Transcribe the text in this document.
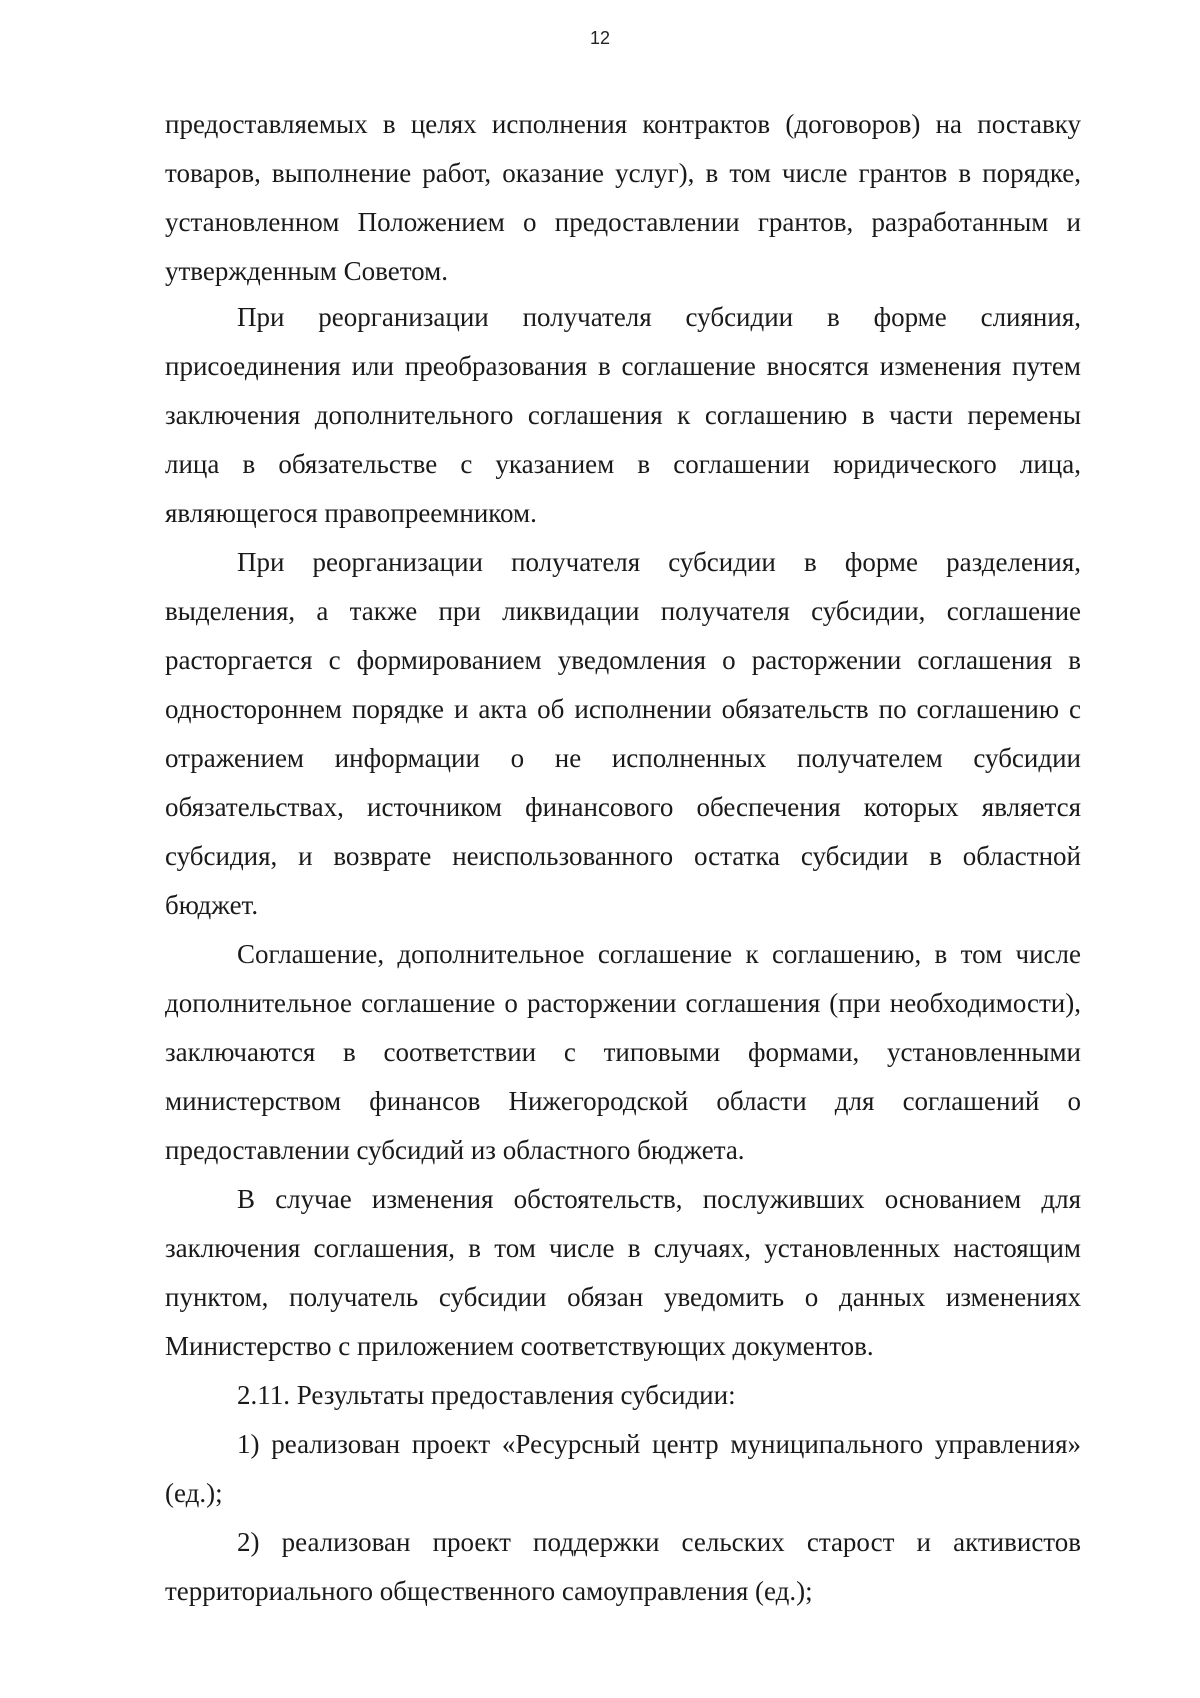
12

предоставляемых в целях исполнения контрактов (договоров) на поставку товаров, выполнение работ, оказание услуг), в том числе грантов в порядке, установленном Положением о предоставлении грантов, разработанным и утвержденным Советом.

При реорганизации получателя субсидии в форме слияния, присоединения или преобразования в соглашение вносятся изменения путем заключения дополнительного соглашения к соглашению в части перемены лица в обязательстве с указанием в соглашении юридического лица, являющегося правопреемником.

При реорганизации получателя субсидии в форме разделения, выделения, а также при ликвидации получателя субсидии, соглашение расторгается с формированием уведомления о расторжении соглашения в одностороннем порядке и акта об исполнении обязательств по соглашению с отражением информации о не исполненных получателем субсидии обязательствах, источником финансового обеспечения которых является субсидия, и возврате неиспользованного остатка субсидии в областной бюджет.

Соглашение, дополнительное соглашение к соглашению, в том числе дополнительное соглашение о расторжении соглашения (при необходимости), заключаются в соответствии с типовыми формами, установленными министерством финансов Нижегородской области для соглашений о предоставлении субсидий из областного бюджета.

В случае изменения обстоятельств, послуживших основанием для заключения соглашения, в том числе в случаях, установленных настоящим пунктом, получатель субсидии обязан уведомить о данных изменениях Министерство с приложением соответствующих документов.

2.11. Результаты предоставления субсидии:

1) реализован проект «Ресурсный центр муниципального управления» (ед.);

2) реализован проект поддержки сельских старост и активистов территориального общественного самоуправления (ед.);
